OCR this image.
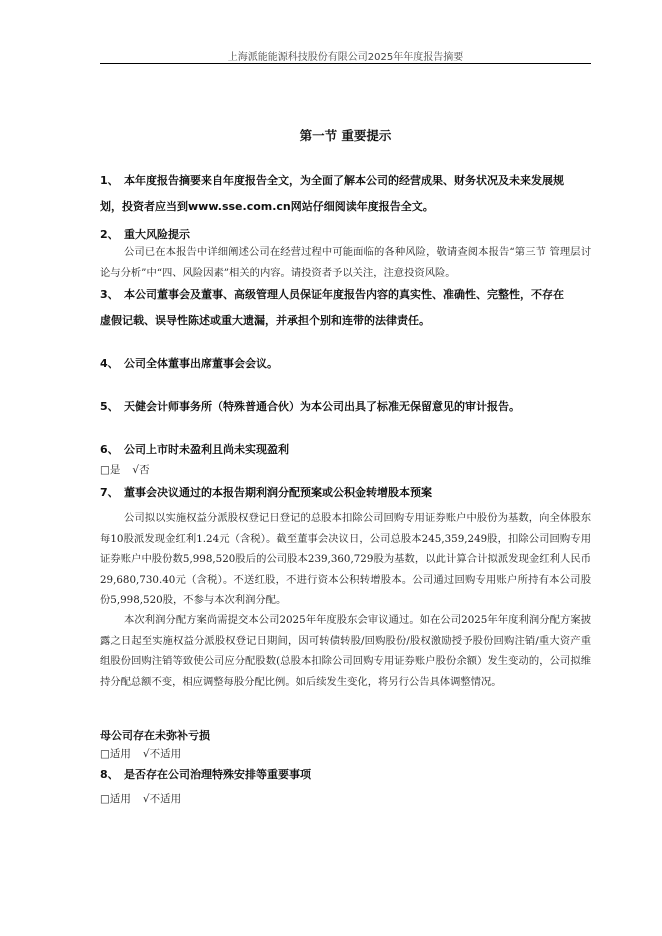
上海派能能源科技股份有限公司2025年年度报告摘要
第一节 重要提示
1、 本年度报告摘要来自年度报告全文，为全面了解本公司的经营成果、财务状况及未来发展规
划，投资者应当到www.sse.com.cn网站仔细阅读年度报告全文。
2、 重大风险提示
公司已在本报告中详细阐述公司在经营过程中可能面临的各种风险，敬请查阅本报告“第三节 管理层讨论与分析”中“四、风险因素”相关的内容。请投资者予以关注，注意投资风险。
3、 本公司董事会及董事、高级管理人员保证年度报告内容的真实性、准确性、完整性，不存在
虚假记载、误导性陈述或重大遗漏，并承担个别和连带的法律责任。
4、 公司全体董事出席董事会会议。
5、 天健会计师事务所（特殊普通合伙）为本公司出具了标准无保留意见的审计报告。
6、 公司上市时未盈利且尚未实现盈利
□是 √否
7、 董事会决议通过的本报告期利润分配预案或公积金转增股本预案
公司拟以实施权益分派股权登记日登记的总股本扣除公司回购专用证券账户中股份为基数，向全体股东每10股派发现金红利1.24元（含税）。截至董事会决议日，公司总股本245,359,249股，扣除公司回购专用证券账户中股份数5,998,520股后的公司股本239,360,729股为基数，以此计算合计拟派发现金红利人民币29,680,730.40元（含税）。不送红股，不进行资本公积转增股本。公司通过回购专用账户所持有本公司股份5,998,520股，不参与本次利润分配。
本次利润分配方案尚需提交本公司2025年年度股东会审议通过。如在公司2025年年度利润分配方案披露之日起至实施权益分派股权登记日期间，因可转债转股/回购股份/股权激励授予股份回购注销/重大资产重组股份回购注销等致使公司应分配股数(总股本扣除公司回购专用证券账户股份余额）发生变动的，公司拟维持分配总额不变，相应调整每股分配比例。如后续发生变化，将另行公告具体调整情况。
母公司存在未弥补亏损
□适用 √不适用
8、 是否存在公司治理特殊安排等重要事项
□适用 √不适用
